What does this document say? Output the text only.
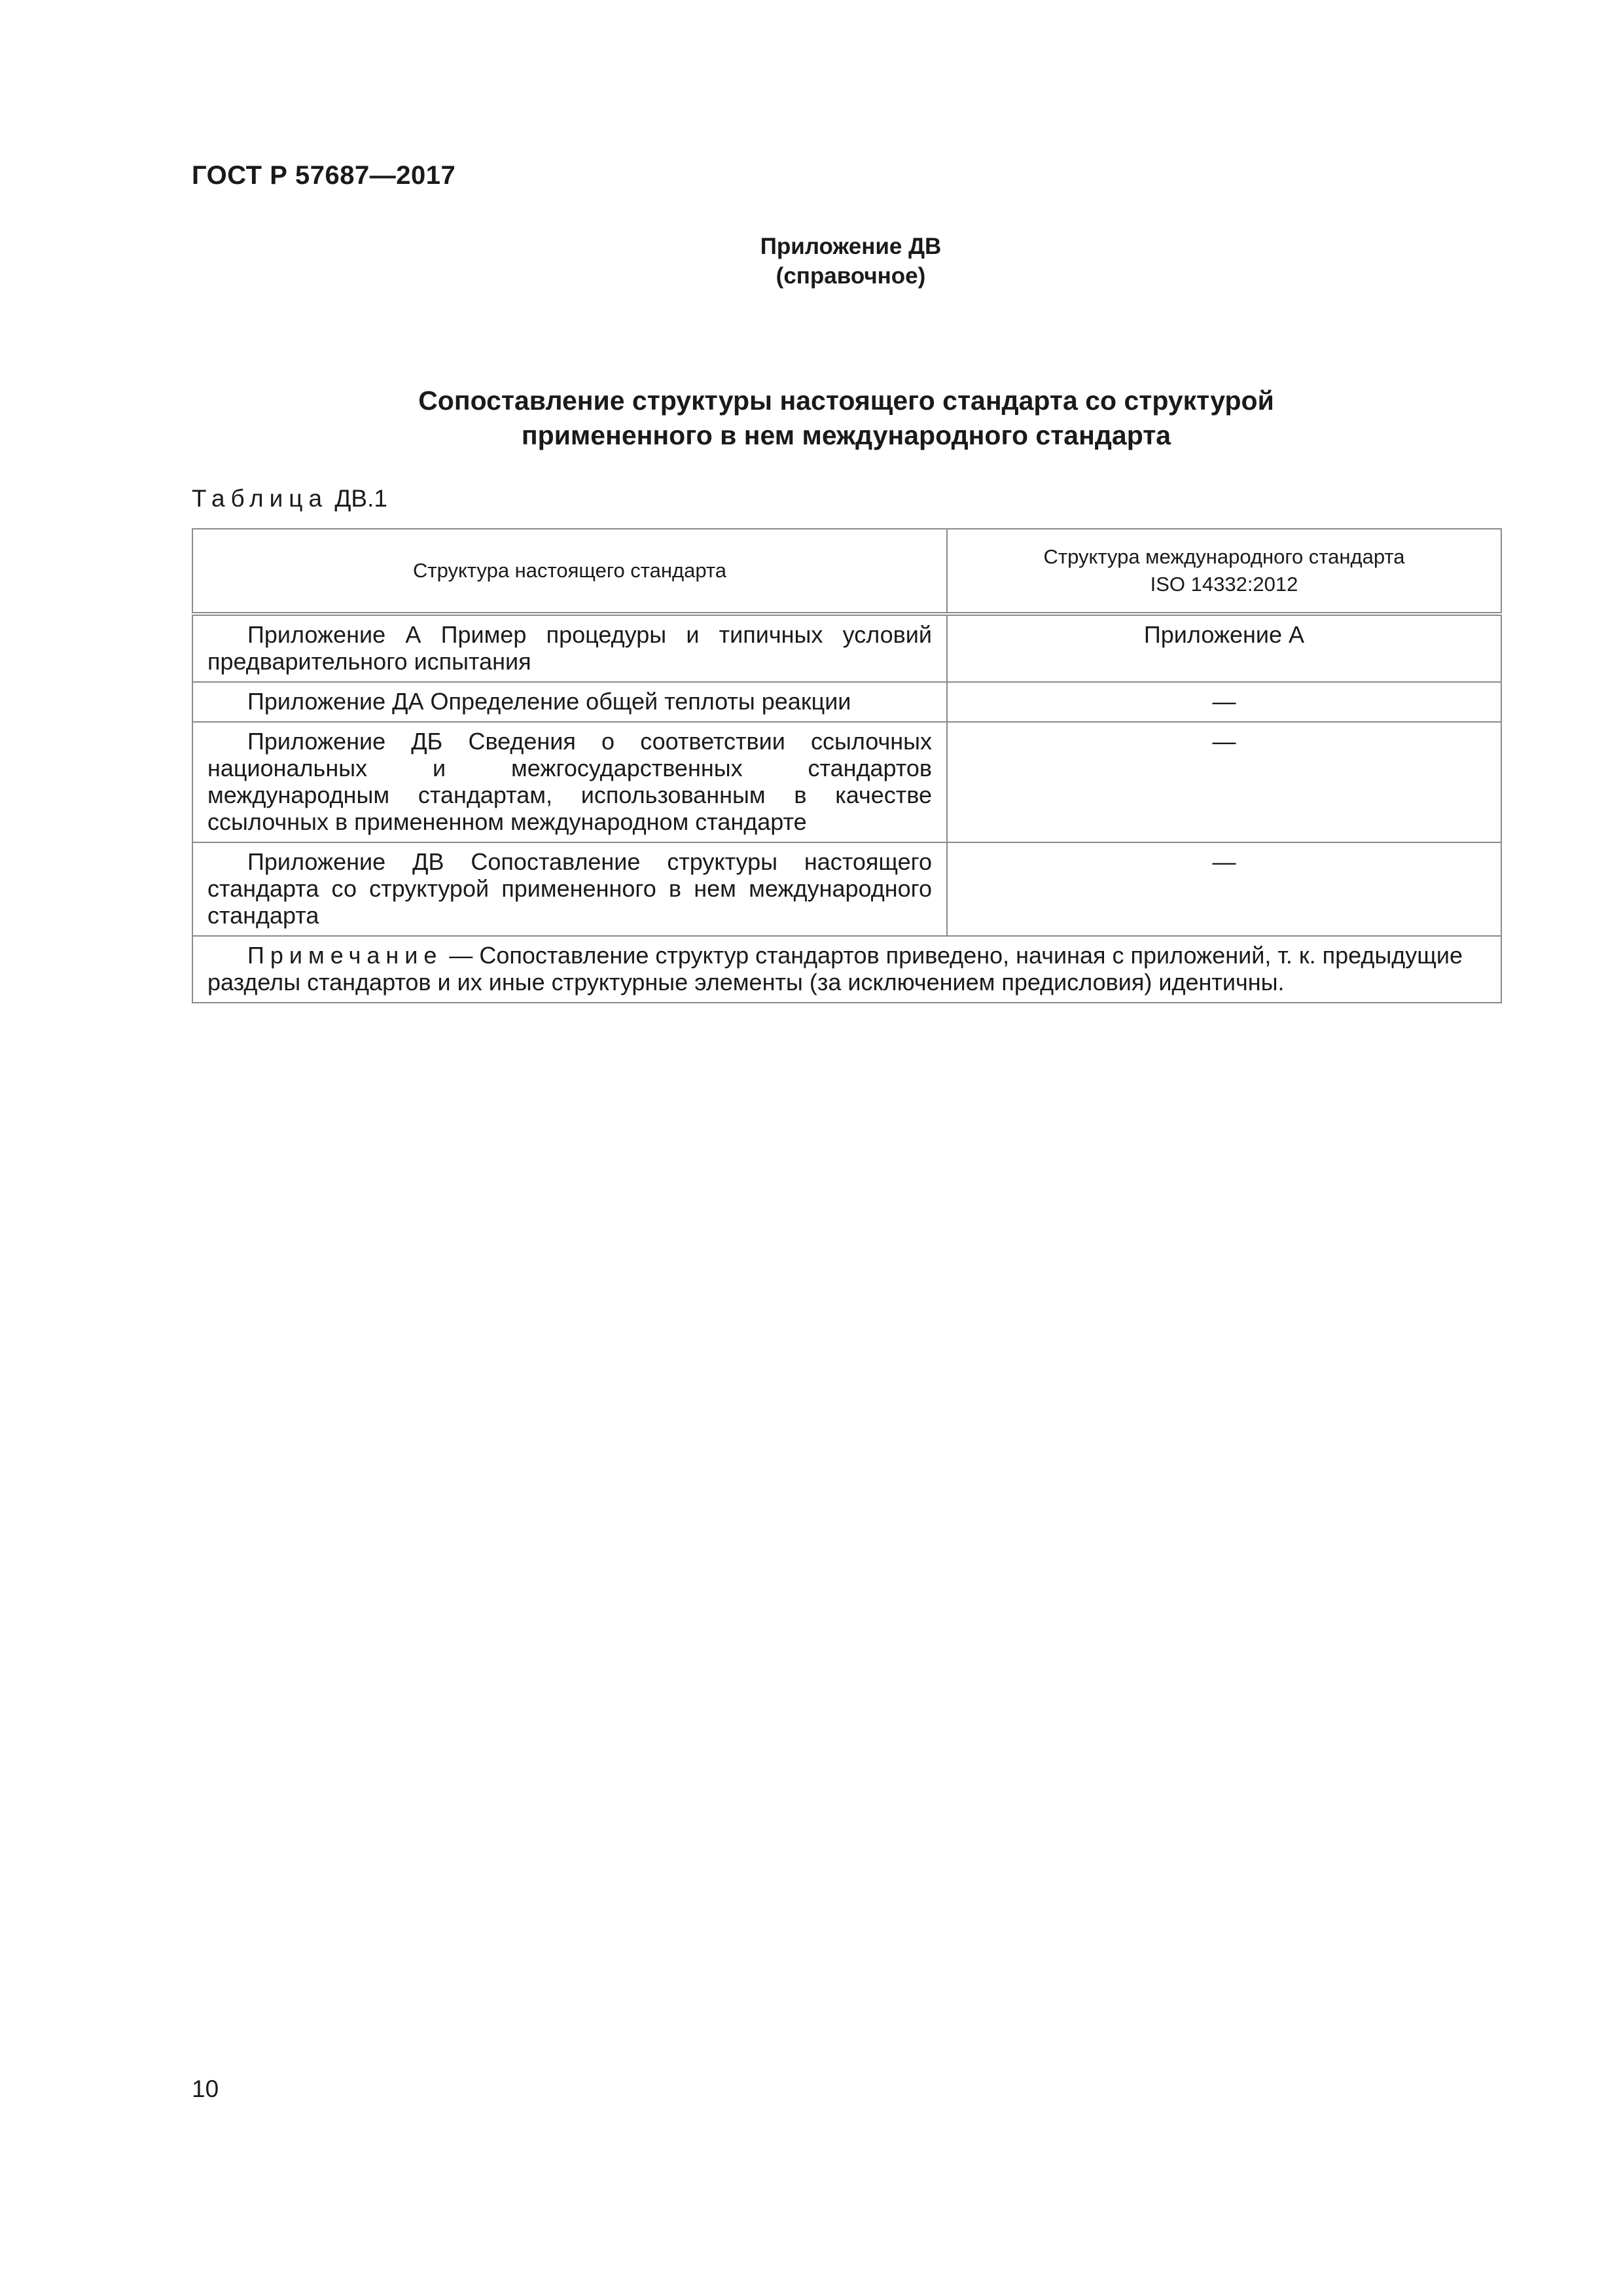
ГОСТ Р 57687—2017
Приложение ДВ
(справочное)
Сопоставление структуры настоящего стандарта со структурой
примененного в нем международного стандарта
Таблица ДВ.1
Структура настоящего стандарта	Структура международного стандарта
ISO 14332:2012

Приложение А Пример процедуры и типичных условий предварительного испытания	Приложение А
Приложение ДА Определение общей теплоты реакции	—
Приложение ДБ Сведения о соответствии ссылочных национальных и межгосударственных стандартов международным стандартам, использованным в качестве ссылочных в примененном международном стандарте	—
Приложение ДВ Сопоставление структуры настоящего стандарта со структурой примененного в нем международного стандарта	—
Примечание — Сопоставление структур стандартов приведено, начиная с приложений, т. к. предыдущие разделы стандартов и их иные структурные элементы (за исключением предисловия) идентичны.	
10
